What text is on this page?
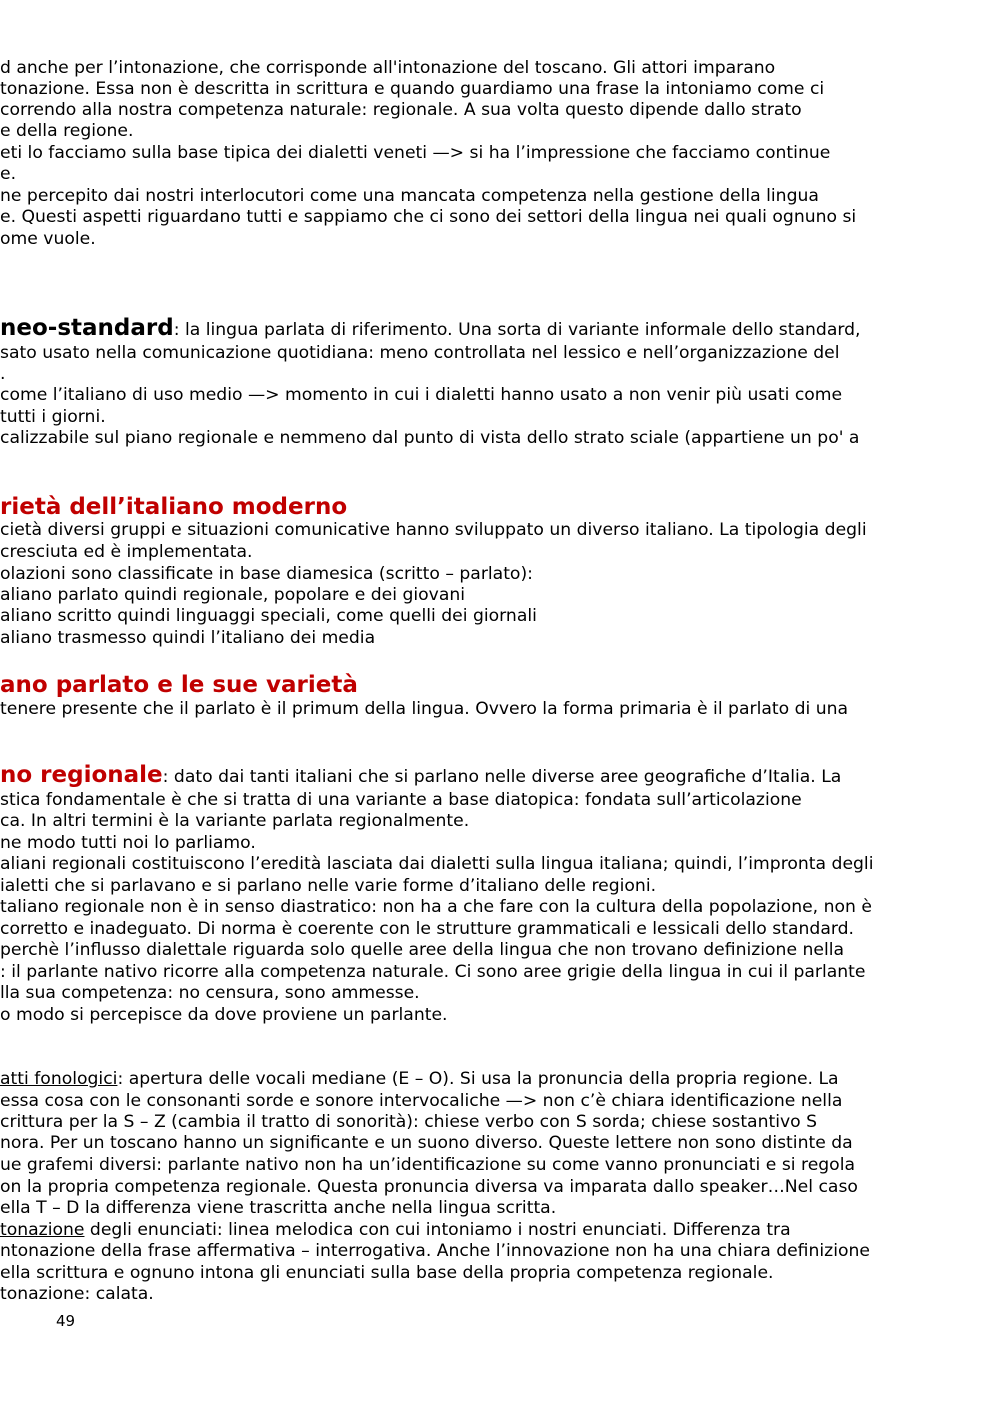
d anche per l’intonazione, che corrisponde all'intonazione del toscano. Gli attori imparano

tonazione. Essa non è descritta in scrittura e quando guardiamo una frase la intoniamo come ci

correndo alla nostra competenza naturale: regionale. A sua volta questo dipende dallo strato

e della regione.

eti lo facciamo sulla base tipica dei dialetti veneti —> si ha l’impressione che facciamo continue

e.

ne percepito dai nostri interlocutori come una mancata competenza nella gestione della lingua

e. Questi aspetti riguardano tutti e sappiamo che ci sono dei settori della lingua nei quali ognuno si

ome vuole.

neo-standard: la lingua parlata di riferimento. Una sorta di variante informale dello standard,

sato usato nella comunicazione quotidiana: meno controllata nel lessico e nell’organizzazione del

.

come l’italiano di uso medio —> momento in cui i dialetti hanno usato a non venir più usati come

tutti i giorni.

calizzabile sul piano regionale e nemmeno dal punto di vista dello strato sciale (appartiene un po' a

rietà dell’italiano moderno

cietà diversi gruppi e situazioni comunicative hanno sviluppato un diverso italiano. La tipologia degli

cresciuta ed è implementata.

olazioni sono classificate in base diamesica (scritto – parlato):

aliano parlato quindi regionale, popolare e dei giovani

aliano scritto quindi linguaggi speciali, come quelli dei giornali

aliano trasmesso quindi l’italiano dei media

ano parlato e le sue varietà

tenere presente che il parlato è il primum della lingua. Ovvero la forma primaria è il parlato di una

no regionale: dato dai tanti italiani che si parlano nelle diverse aree geografiche d’Italia. La

stica fondamentale è che si tratta di una variante a base diatopica: fondata sull’articolazione

ca. In altri termini è la variante parlata regionalmente.

ne modo tutti noi lo parliamo.

aliani regionali costituiscono l’eredità lasciata dai dialetti sulla lingua italiana; quindi, l’impronta degli

ialetti che si parlavano e si parlano nelle varie forme d’italiano delle regioni.

taliano regionale non è in senso diastratico: non ha a che fare con la cultura della popolazione, non è

corretto e inadeguato. Di norma è coerente con le strutture grammaticali e lessicali dello standard.

perchè l’influsso dialettale riguarda solo quelle aree della lingua che non trovano definizione nella

: il parlante nativo ricorre alla competenza naturale. Ci sono aree grigie della lingua in cui il parlante

lla sua competenza: no censura, sono ammesse.

o modo si percepisce da dove proviene un parlante.

atti fonologici: apertura delle vocali mediane (E – O). Si usa la pronuncia della propria regione. La

essa cosa con le consonanti sorde e sonore intervocaliche —> non c’è chiara identificazione nella

crittura per la S – Z (cambia il tratto di sonorità): chiese verbo con S sorda; chiese sostantivo S

nora. Per un toscano hanno un significante e un suono diverso. Queste lettere non sono distinte da

ue grafemi diversi: parlante nativo non ha un’identificazione su come vanno pronunciati e si regola

on la propria competenza regionale. Questa pronuncia diversa va imparata dallo speaker…Nel caso

ella T – D la differenza viene trascritta anche nella lingua scritta.

tonazione degli enunciati: linea melodica con cui intoniamo i nostri enunciati. Differenza tra

ntonazione della frase affermativa – interrogativa. Anche l’innovazione non ha una chiara definizione

ella scrittura e ognuno intona gli enunciati sulla base della propria competenza regionale.

tonazione: calata.

49
